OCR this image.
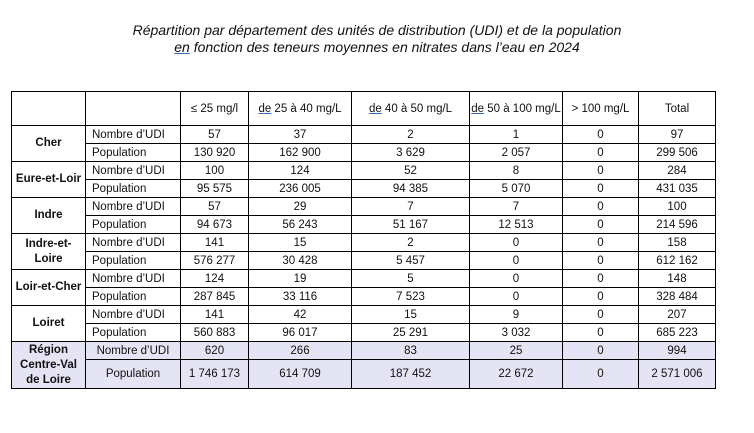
Répartition par département des unités de distribution (UDI) et de la population
en fonction des teneurs moyennes en nitrates dans l’eau en 2024
		≤ 25 mg/l	de 25 à 40 mg/L	de 40 à 50 mg/L	de 50 à 100 mg/L	> 100 mg/L	Total
Cher	Nombre d’UDI	57	37	2	1	0	97
	Population	130 920	162 900	3 629	2 057	0	299 506
Eure-et-Loir	Nombre d’UDI	100	124	52	8	0	284
	Population	95 575	236 005	94 385	5 070	0	431 035
Indre	Nombre d’UDI	57	29	7	7	0	100
	Population	94 673	56 243	51 167	12 513	0	214 596
Indre-et-Loire	Nombre d’UDI	141	15	2	0	0	158
	Population	576 277	30 428	5 457	0	0	612 162
Loir-et-Cher	Nombre d’UDI	124	19	5	0	0	148
	Population	287 845	33 116	7 523	0	0	328 484
Loiret	Nombre d’UDI	141	42	15	9	0	207
	Population	560 883	96 017	25 291	3 032	0	685 223
Région Centre-Val de Loire	Nombre d’UDI	620	266	83	25	0	994
	Population	1 746 173	614 709	187 452	22 672	0	2 571 006
